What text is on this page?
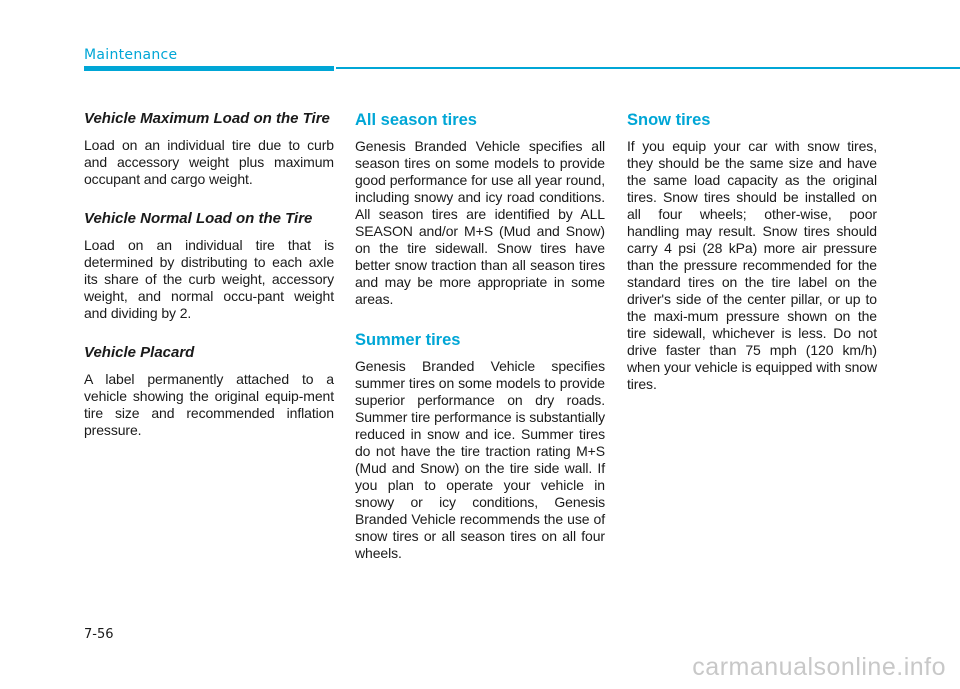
Maintenance
Vehicle Maximum Load on the Tire

Load on an individual tire due to curb and accessory weight plus maximum occupant and cargo weight.

Vehicle Normal Load on the Tire

Load on an individual tire that is determined by distributing to each axle its share of the curb weight, accessory weight, and normal occu-pant weight and dividing by 2.

Vehicle Placard

A label permanently attached to a vehicle showing the original equip-ment tire size and recommended inflation pressure.

All season tires

Genesis Branded Vehicle specifies all season tires on some models to provide good performance for use all year round, including snowy and icy road conditions. All season tires are identified by ALL SEASON and/or M+S (Mud and Snow) on the tire sidewall. Snow tires have better snow traction than all season tires and may be more appropriate in some areas.

Summer tires

Genesis Branded Vehicle specifies summer tires on some models to provide superior performance on dry roads. Summer tire performance is substantially reduced in snow and ice. Summer tires do not have the tire traction rating M+S (Mud and Snow) on the tire side wall. If you plan to operate your vehicle in snowy or icy conditions, Genesis Branded Vehicle recommends the use of snow tires or all season tires on all four wheels.

Snow tires

If you equip your car with snow tires, they should be the same size and have the same load capacity as the original tires. Snow tires should be installed on all four wheels; other-wise, poor handling may result. Snow tires should carry 4 psi (28 kPa) more air pressure than the pressure recommended for the standard tires on the tire label on the driver's side of the center pillar, or up to the maxi-mum pressure shown on the tire sidewall, whichever is less. Do not drive faster than 75 mph (120 km/h) when your vehicle is equipped with snow tires.

7-56
carmanualsonline.info
